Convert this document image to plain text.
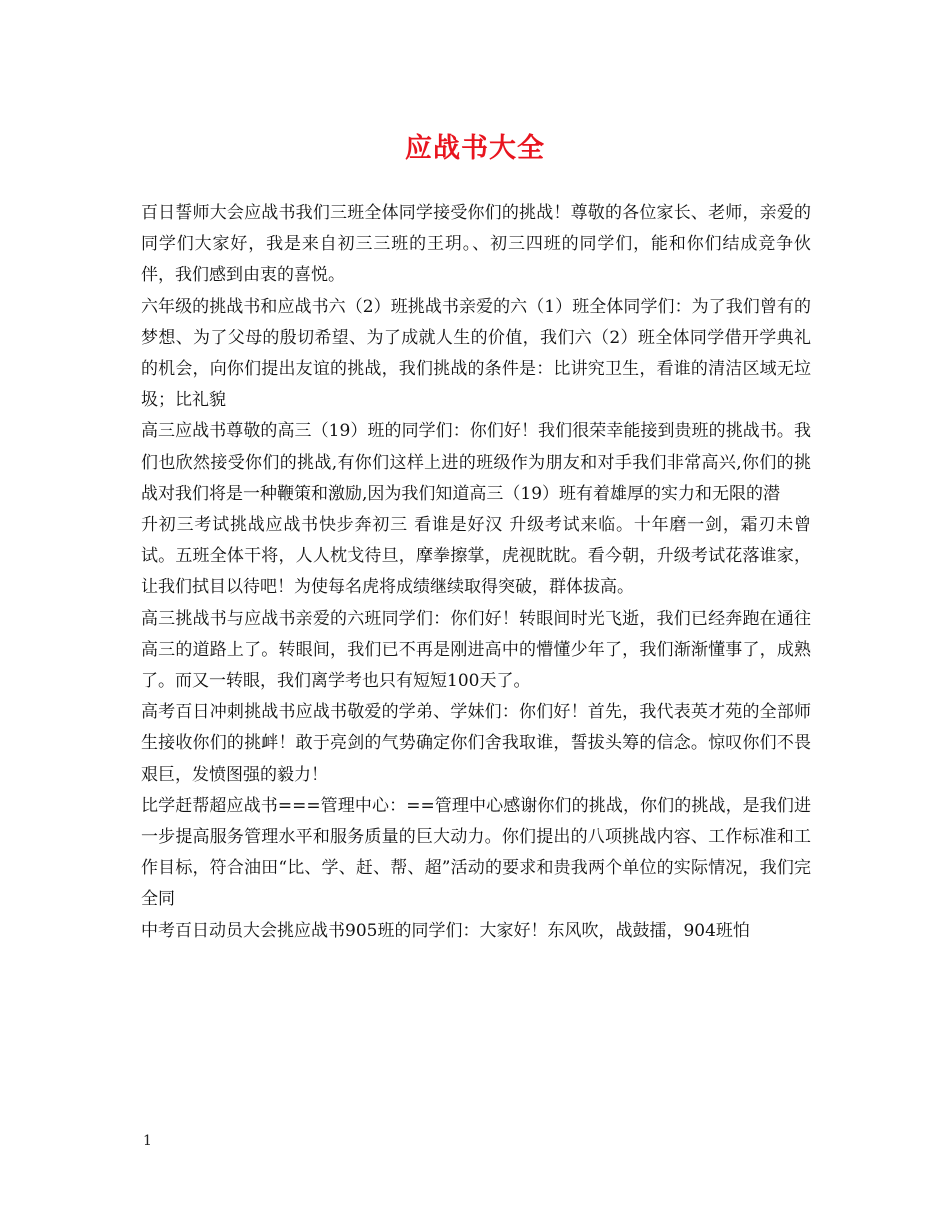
应战书大全

百日誓师大会应战书我们三班全体同学接受你们的挑战！尊敬的各位家长、老师，亲爱的同学们大家好，我是来自初三三班的王玥。、初三四班的同学们，能和你们结成竞争伙伴，我们感到由衷的喜悦。

六年级的挑战书和应战书六（2）班挑战书亲爱的六（1）班全体同学们：为了我们曾有的梦想、为了父母的殷切希望、为了成就人生的价值，我们六（2）班全体同学借开学典礼的机会，向你们提出友谊的挑战，我们挑战的条件是：比讲究卫生，看谁的清洁区域无垃圾；比礼貌

高三应战书尊敬的高三（19）班的同学们：你们好！我们很荣幸能接到贵班的挑战书。我们也欣然接受你们的挑战,有你们这样上进的班级作为朋友和对手我们非常高兴,你们的挑战对我们将是一种鞭策和激励,因为我们知道高三（19）班有着雄厚的实力和无限的潜

升初三考试挑战应战书快步奔初三 看谁是好汉 升级考试来临。十年磨一剑，霜刃未曾试。五班全体干将，人人枕戈待旦，摩拳擦掌，虎视眈眈。看今朝，升级考试花落谁家，让我们拭目以待吧！为使每名虎将成绩继续取得突破，群体拔高。

高三挑战书与应战书亲爱的六班同学们：你们好！转眼间时光飞逝，我们已经奔跑在通往高三的道路上了。转眼间，我们已不再是刚进高中的懵懂少年了，我们渐渐懂事了，成熟了。而又一转眼，我们离学考也只有短短100天了。

高考百日冲刺挑战书应战书敬爱的学弟、学妹们：你们好！首先，我代表英才苑的全部师生接收你们的挑衅！敢于亮剑的气势确定你们舍我取谁，誓拔头筹的信念。惊叹你们不畏艰巨，发愤图强的毅力！

比学赶帮超应战书===管理中心：==管理中心感谢你们的挑战，你们的挑战，是我们进一步提高服务管理水平和服务质量的巨大动力。你们提出的八项挑战内容、工作标准和工作目标，符合油田“比、学、赶、帮、超”活动的要求和贵我两个单位的实际情况，我们完全同

中考百日动员大会挑应战书905班的同学们：大家好！东风吹，战鼓擂，904班怕

1
